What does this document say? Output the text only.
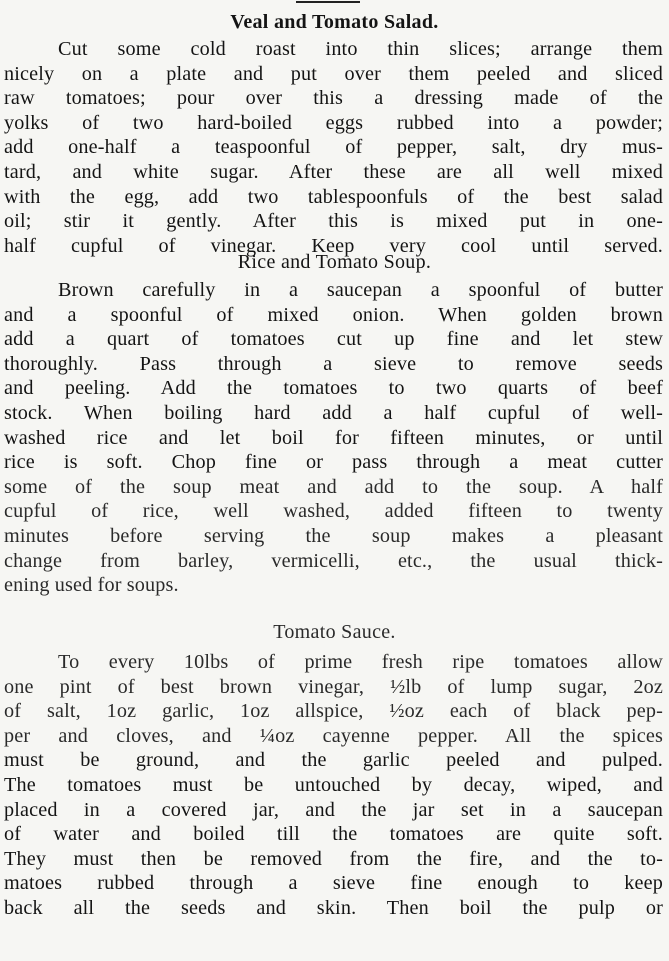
Veal and Tomato Salad.
Cut some cold roast into thin slices; arrange them
nicely on a plate and put over them peeled and sliced
raw tomatoes; pour over this a dressing made of the
yolks of two hard-boiled eggs rubbed into a powder;
add one-half a teaspoonful of pepper, salt, dry mus-
tard, and white sugar. After these are all well mixed
with the egg, add two tablespoonfuls of the best salad
oil; stir it gently. After this is mixed put in one-
half cupful of vinegar. Keep very cool until served.
Rice and Tomato Soup.
Brown carefully in a saucepan a spoonful of butter
and a spoonful of mixed onion. When golden brown
add a quart of tomatoes cut up fine and let stew
thoroughly. Pass through a sieve to remove seeds
and peeling. Add the tomatoes to two quarts of beef
stock. When boiling hard add a half cupful of well-
washed rice and let boil for fifteen minutes, or until
rice is soft. Chop fine or pass through a meat cutter
some of the soup meat and add to the soup. A half
cupful of rice, well washed, added fifteen to twenty
minutes before serving the soup makes a pleasant
change from barley, vermicelli, etc., the usual thick-
ening used for soups.
Tomato Sauce.
To every 10lbs of prime fresh ripe tomatoes allow
one pint of best brown vinegar, ½lb of lump sugar, 2oz
of salt, 1oz garlic, 1oz allspice, ½oz each of black pep-
per and cloves, and ¼oz cayenne pepper. All the spices
must be ground, and the garlic peeled and pulped.
The tomatoes must be untouched by decay, wiped, and
placed in a covered jar, and the jar set in a saucepan
of water and boiled till the tomatoes are quite soft.
They must then be removed from the fire, and the to-
matoes rubbed through a sieve fine enough to keep
back all the seeds and skin. Then boil the pulp or
